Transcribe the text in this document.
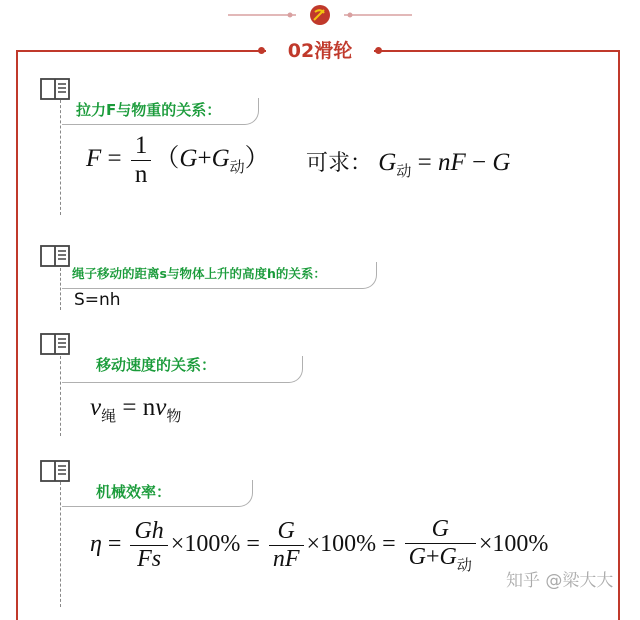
02滑轮
拉力F与物重的关系：
$F = \frac{1}{n} (G+G_动)$ 可求： $G_动$ = nF − G
绳子移动的距离s与物体上升的高度h的关系：
S=nh
移动速度的关系：
$\nu_绳 = n\nu_物$
机械效率：
$\eta = \frac{Gh}{Fs} \times 100\% = \frac{G}{nF} \times 100\% = \frac{G}{G+G_动} \times 100\%$
知乎 @梁大大
